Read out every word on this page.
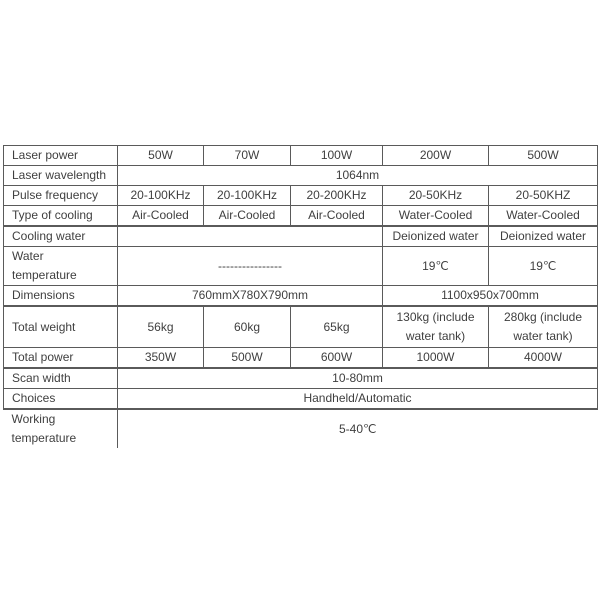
Laser power	50W	70W	100W	200W	500W
Laser wavelength	1064nm				
Pulse frequency	20-100KHz	20-100KHz	20-200KHz	20-50KHz	20-50KHZ
Type of cooling	Air-Cooled	Air-Cooled	Air-Cooled	Water-Cooled	Water-Cooled
Cooling water				Deionized water	Deionized water
Water temperature	----------------			19℃	19℃
Dimensions	760mmX780X790mm			1100x950x700mm	
Total weight	56kg	60kg	65kg	130kg (include water tank)	280kg (include water tank)
Total power	350W	500W	600W	1000W	4000W
Scan width	10-80mm				
Choices	Handheld/Automatic				
Working temperature	5-40℃				
